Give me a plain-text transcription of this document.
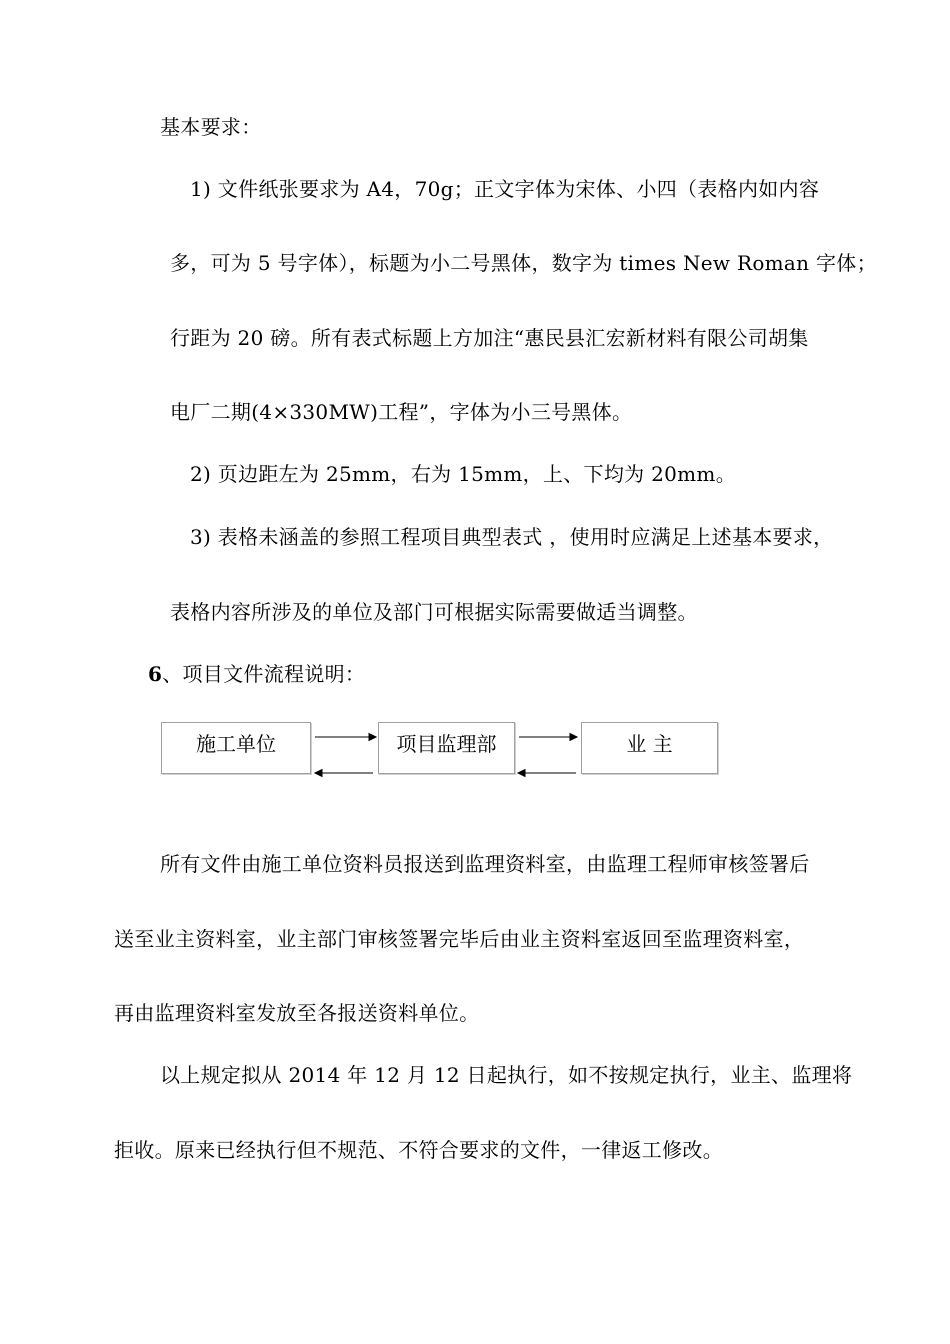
基本要求：
1) 文件纸张要求为 A4，70g；正文字体为宋体、小四（表格内如内容
多，可为 5 号字体），标题为小二号黑体，数字为 times New Roman 字体；
行距为 20 磅。所有表式标题上方加注“惠民县汇宏新材料有限公司胡集
电厂二期(4×330MW)工程”，字体为小三号黑体。
2) 页边距左为 25mm，右为 15mm，上、下均为 20mm。
3) 表格未涵盖的参照工程项目典型表式 ，使用时应满足上述基本要求，
表格内容所涉及的单位及部门可根据实际需要做适当调整。
6、项目文件流程说明：
施工单位	项目监理部	业 主
所有文件由施工单位资料员报送到监理资料室，由监理工程师审核签署后
送至业主资料室，业主部门审核签署完毕后由业主资料室返回至监理资料室，
再由监理资料室发放至各报送资料单位。
以上规定拟从 2014 年 12 月 12 日起执行，如不按规定执行，业主、监理将
拒收。原来已经执行但不规范、不符合要求的文件，一律返工修改。
